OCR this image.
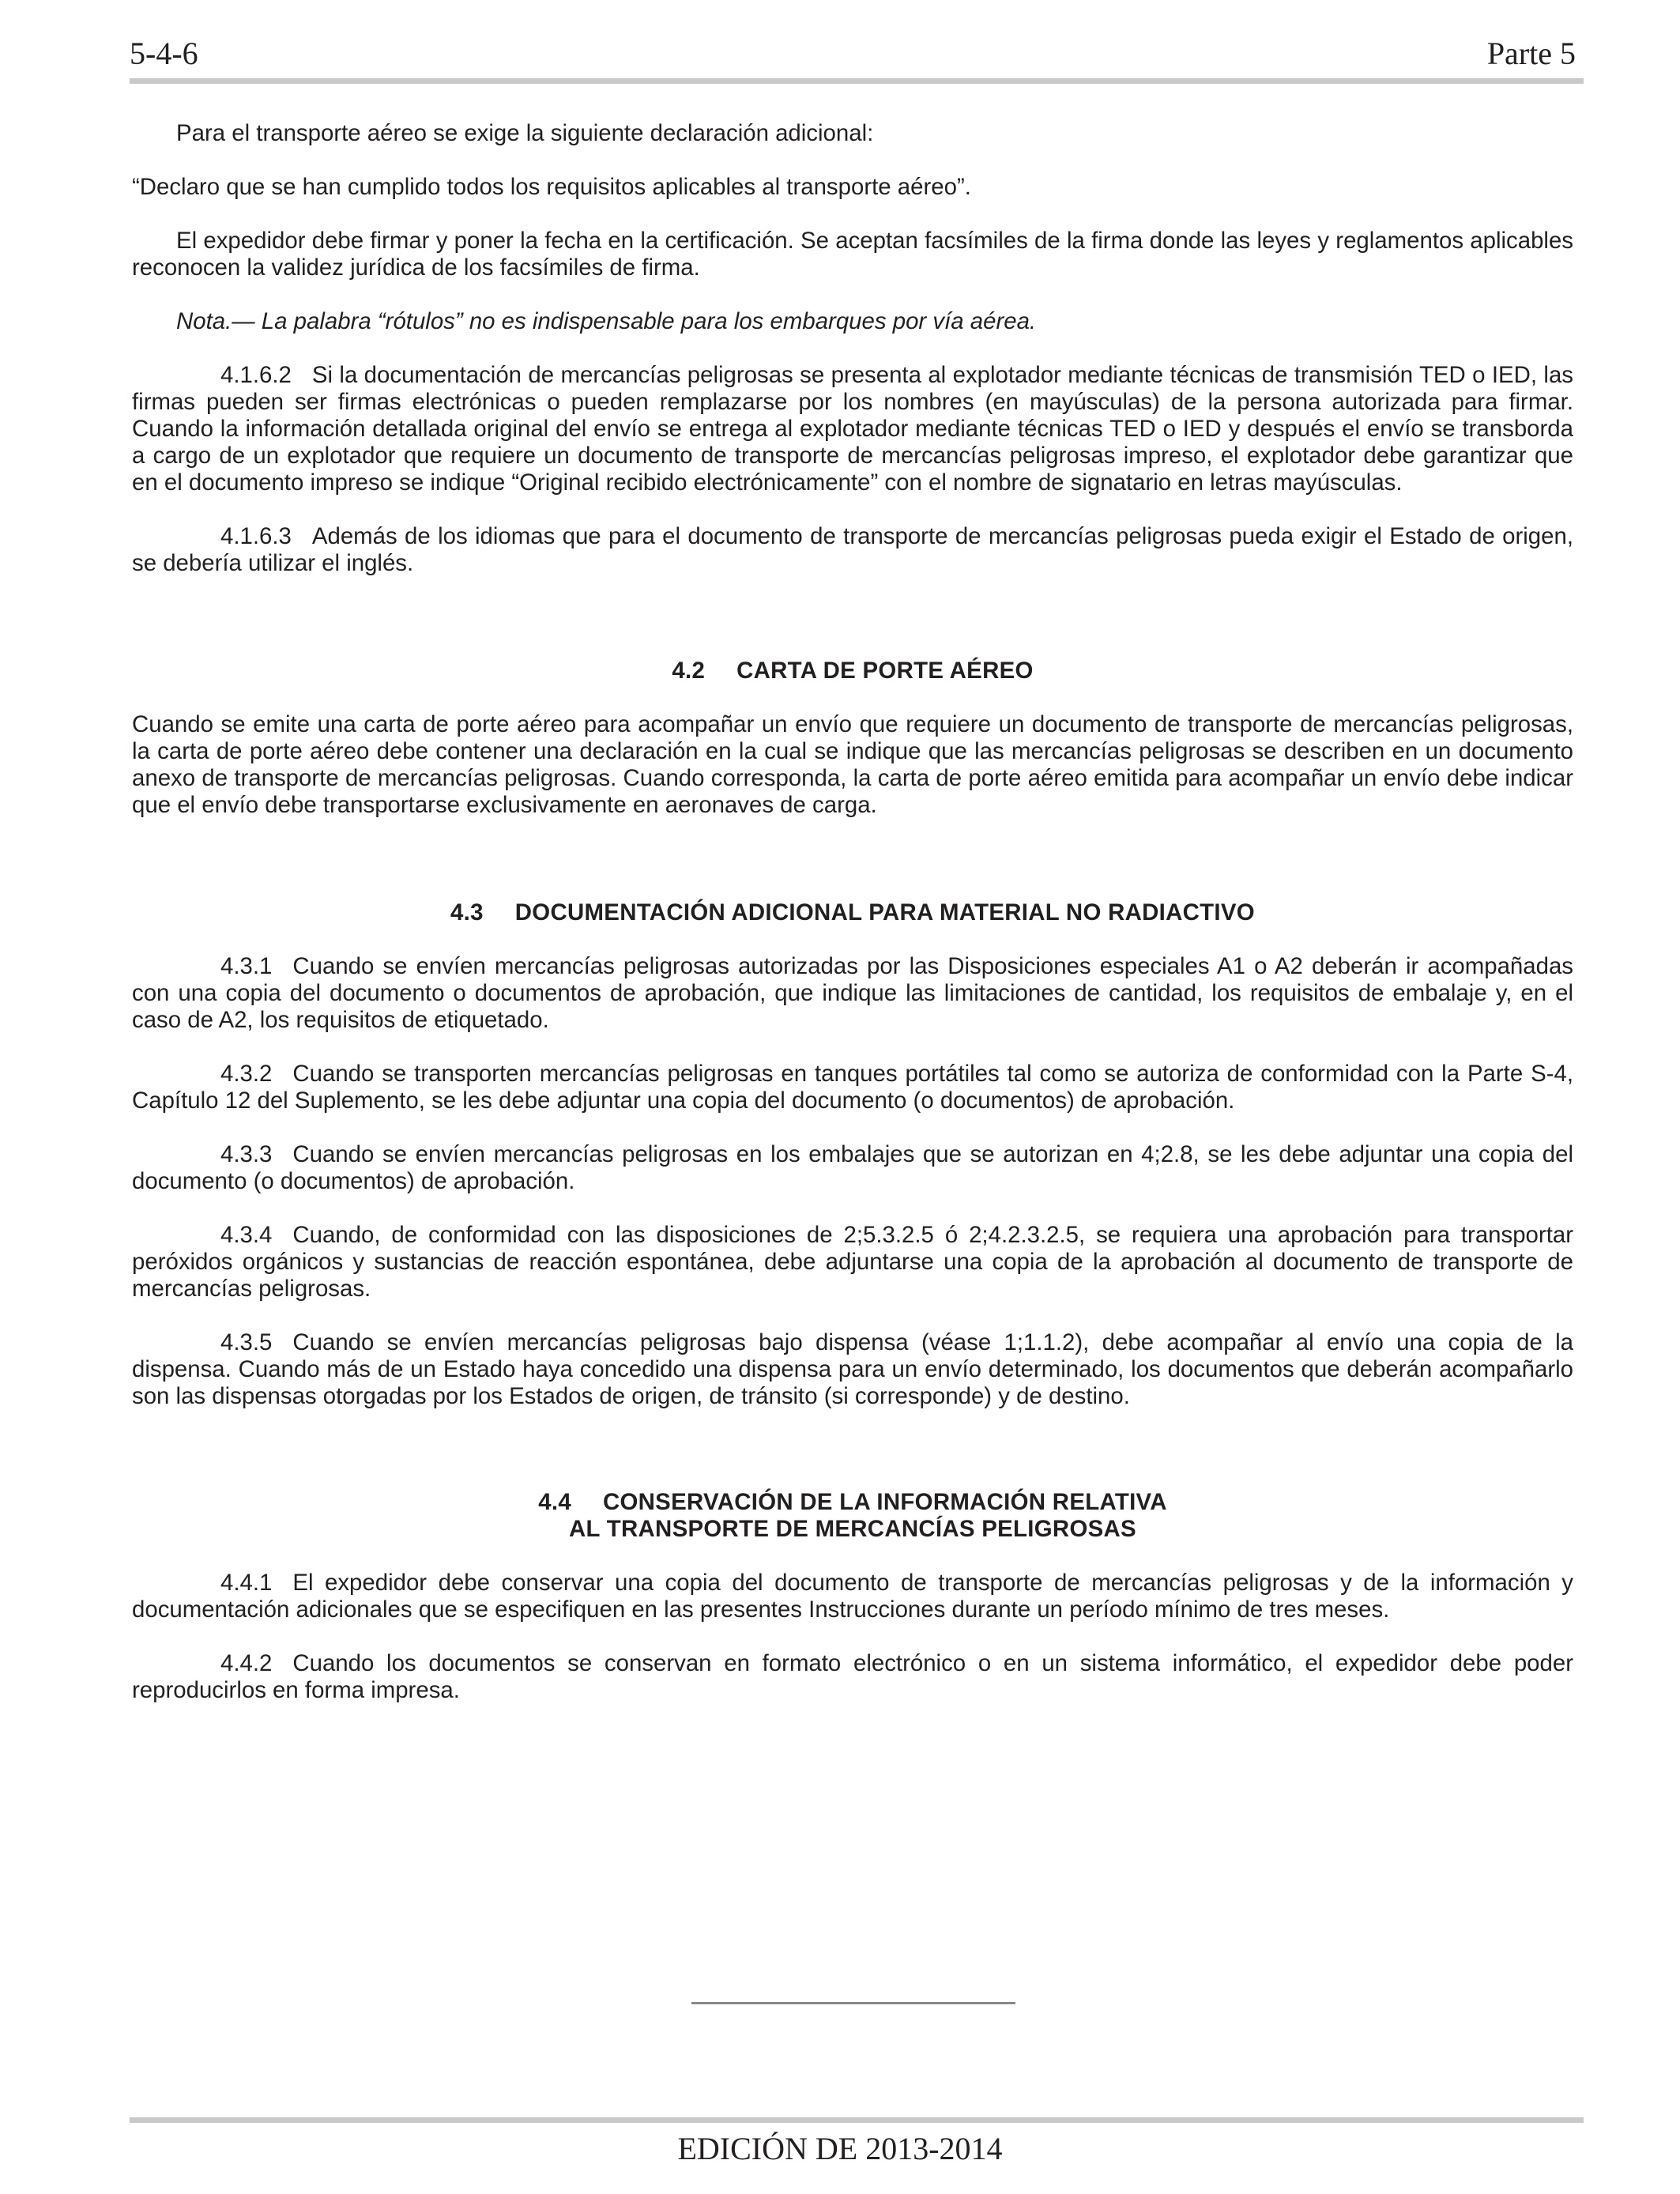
5-4-6	Parte 5

Para el transporte aéreo se exige la siguiente declaración adicional:

“Declaro que se han cumplido todos los requisitos aplicables al transporte aéreo”.

El expedidor debe firmar y poner la fecha en la certificación. Se aceptan facsímiles de la firma donde las leyes y reglamentos aplicables reconocen la validez jurídica de los facsímiles de firma.

Nota.— La palabra “rótulos” no es indispensable para los embarques por vía aérea.

4.1.6.2 Si la documentación de mercancías peligrosas se presenta al explotador mediante técnicas de transmisión TED o IED, las firmas pueden ser firmas electrónicas o pueden remplazarse por los nombres (en mayúsculas) de la persona autorizada para firmar. Cuando la información detallada original del envío se entrega al explotador mediante técnicas TED o IED y después el envío se transborda a cargo de un explotador que requiere un documento de transporte de mercancías peligrosas impreso, el explotador debe garantizar que en el documento impreso se indique “Original recibido electrónicamente” con el nombre de signatario en letras mayúsculas.

4.1.6.3 Además de los idiomas que para el documento de transporte de mercancías peligrosas pueda exigir el Estado de origen, se debería utilizar el inglés.

4.2 CARTA DE PORTE AÉREO

Cuando se emite una carta de porte aéreo para acompañar un envío que requiere un documento de transporte de mercancías peligrosas, la carta de porte aéreo debe contener una declaración en la cual se indique que las mercancías peligrosas se describen en un documento anexo de transporte de mercancías peligrosas. Cuando corresponda, la carta de porte aéreo emitida para acompañar un envío debe indicar que el envío debe transportarse exclusivamente en aeronaves de carga.

4.3 DOCUMENTACIÓN ADICIONAL PARA MATERIAL NO RADIACTIVO

4.3.1 Cuando se envíen mercancías peligrosas autorizadas por las Disposiciones especiales A1 o A2 deberán ir acompañadas con una copia del documento o documentos de aprobación, que indique las limitaciones de cantidad, los requisitos de embalaje y, en el caso de A2, los requisitos de etiquetado.

4.3.2 Cuando se transporten mercancías peligrosas en tanques portátiles tal como se autoriza de conformidad con la Parte S-4, Capítulo 12 del Suplemento, se les debe adjuntar una copia del documento (o documentos) de aprobación.

4.3.3 Cuando se envíen mercancías peligrosas en los embalajes que se autorizan en 4;2.8, se les debe adjuntar una copia del documento (o documentos) de aprobación.

4.3.4 Cuando, de conformidad con las disposiciones de 2;5.3.2.5 ó 2;4.2.3.2.5, se requiera una aprobación para transportar peróxidos orgánicos y sustancias de reacción espontánea, debe adjuntarse una copia de la aprobación al documento de transporte de mercancías peligrosas.

4.3.5 Cuando se envíen mercancías peligrosas bajo dispensa (véase 1;1.1.2), debe acompañar al envío una copia de la dispensa. Cuando más de un Estado haya concedido una dispensa para un envío determinado, los documentos que deberán acompañarlo son las dispensas otorgadas por los Estados de origen, de tránsito (si corresponde) y de destino.

4.4 CONSERVACIÓN DE LA INFORMACIÓN RELATIVA
AL TRANSPORTE DE MERCANCÍAS PELIGROSAS

4.4.1 El expedidor debe conservar una copia del documento de transporte de mercancías peligrosas y de la información y documentación adicionales que se especifiquen en las presentes Instrucciones durante un período mínimo de tres meses.

4.4.2 Cuando los documentos se conservan en formato electrónico o en un sistema informático, el expedidor debe poder reproducirlos en forma impresa.

EDICIÓN DE 2013-2014
